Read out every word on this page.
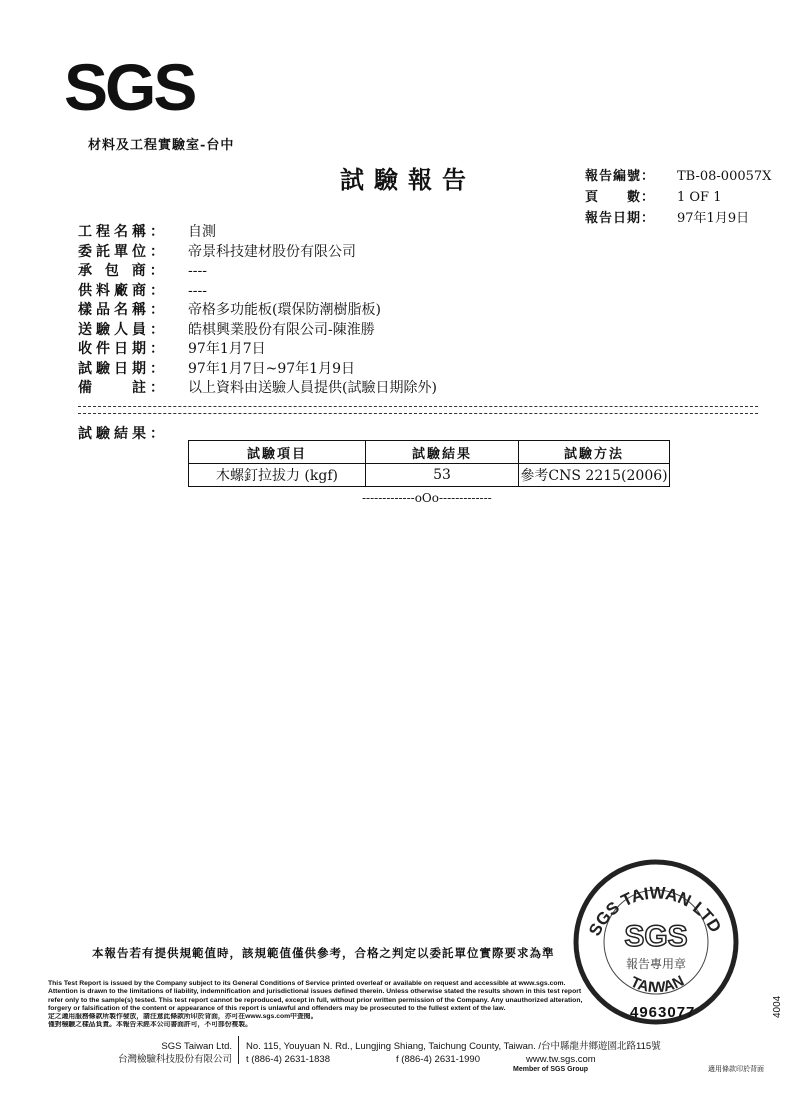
SGS
材料及工程實驗室-台中
試驗報告	報告編號：	TB-08-00057X
頁　　數：	1 OF 1
報告日期：	97年1月9日
工程名稱：	自測
委託單位：	帝景科技建材股份有限公司
承 包 商：	----
供料廠商：	----
樣品名稱：	帝格多功能板(環保防潮樹脂板)
送驗人員：	皓棋興業股份有限公司-陳淮勝
收件日期：	97年1月7日
試驗日期：	97年1月7日~97年1月9日
備　　註：	以上資料由送驗人員提供(試驗日期除外)
試驗結果：
試驗項目	試驗結果	試驗方法
木螺釘拉拔力 (kgf)	53	參考CNS 2215(2006)
-------------oOo-------------
本報告若有提供規範值時，該規範值僅供參考，合格之判定以委託單位實際要求為準
This Test Report is issued by the Company subject to its General Conditions of Service printed overleaf or available on request and accessible at www.sgs.com.
Attention is drawn to the limitations of liability, indemnification and jurisdictional issues defined therein. Unless otherwise stated the results shown in this test report
refer only to the sample(s) tested. This test report cannot be reproduced, except in full, without prior written permission of the Company. Any unauthorized alteration,
forgery or falsification of the content or appearance of this report is unlawful and offenders may be prosecuted to the fullest extent of the law.
定之適用服務條款所製作發放，請注意此條款所印於背面，亦可在www.sgs.com中查閱。
僅對檢驗之樣品負責。本報告未經本公司書面許可，不可部份複製。
SGS Taiwan Ltd.
台灣檢驗科技股份有限公司
No. 115, Youyuan N. Rd., Lungjing Shiang, Taichung County, Taiwan. /台中縣龍井鄉遊園北路115號
t (886-4) 2631-1838	f (886-4) 2631-1990	www.tw.sgs.com
Member of SGS Group	適用條款印於背面
SGS TAIWAN LTD
TAIWAN
SGS
報告專用章
4963077	4004
